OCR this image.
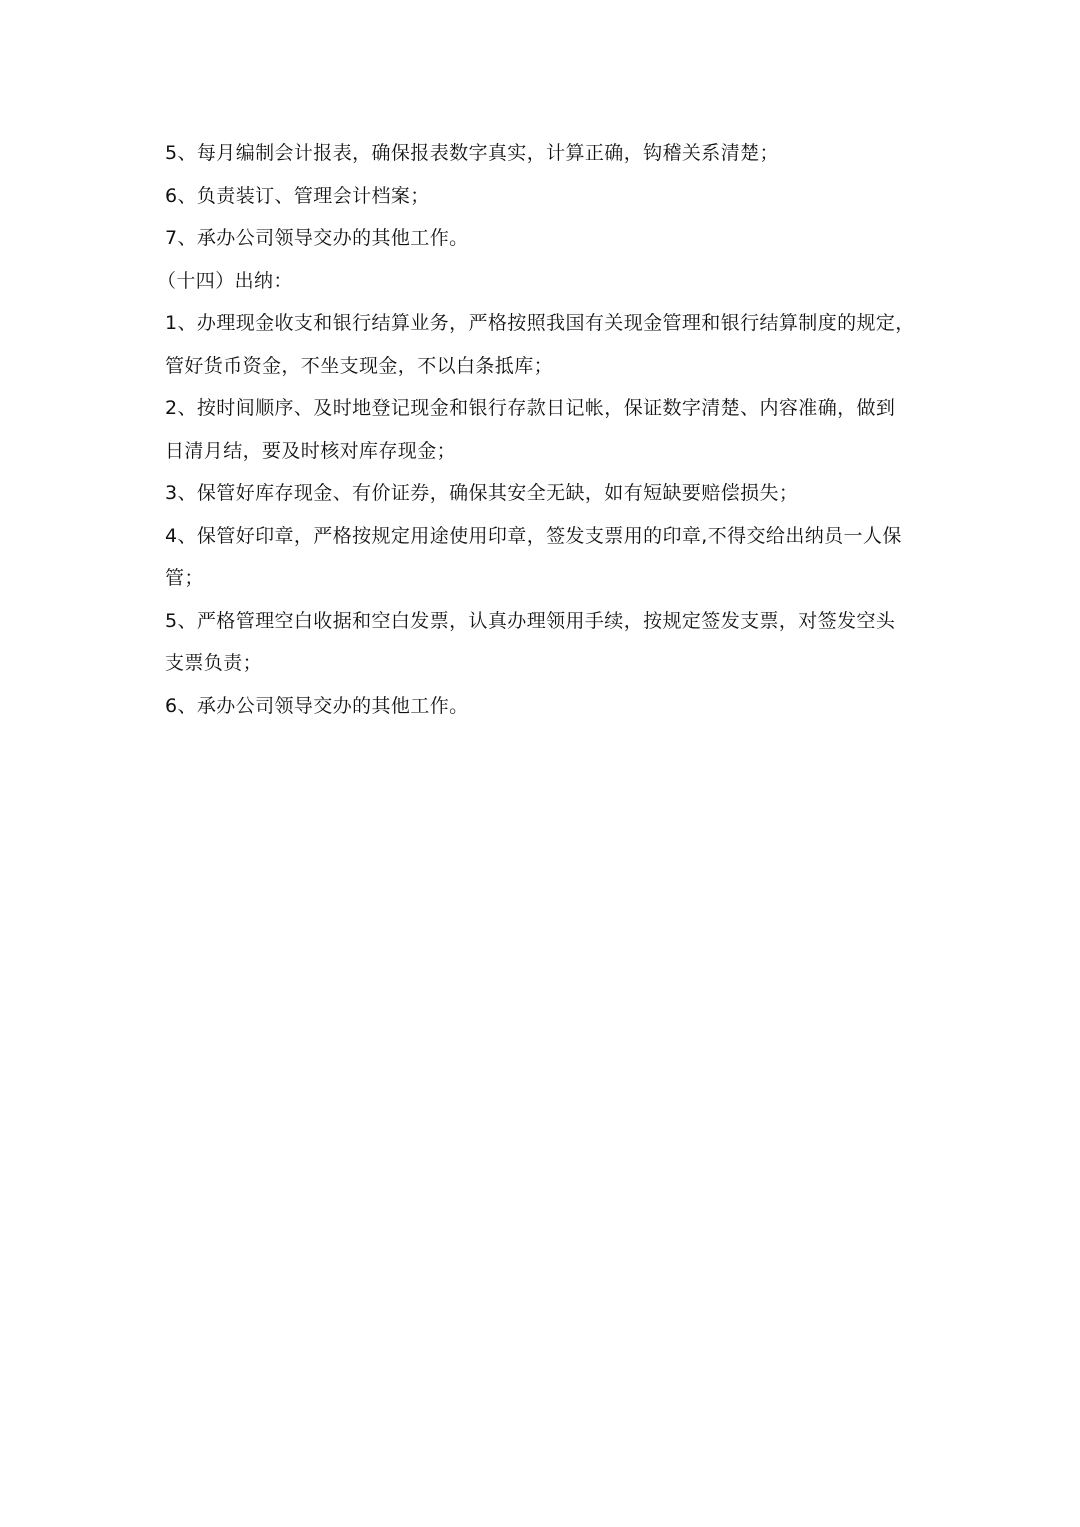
5、每月编制会计报表，确保报表数字真实，计算正确，钩稽关系清楚；
6、负责装订、管理会计档案；
7、承办公司领导交办的其他工作。
（十四）出纳：
1、办理现金收支和银行结算业务，严格按照我国有关现金管理和银行结算制度的规定，
管好货币资金，不坐支现金，不以白条抵库；
2、按时间顺序、及时地登记现金和银行存款日记帐，保证数字清楚、内容准确，做到
日清月结，要及时核对库存现金；
3、保管好库存现金、有价证券，确保其安全无缺，如有短缺要赔偿损失；
4、保管好印章，严格按规定用途使用印章，签发支票用的印章,不得交给出纳员一人保
管；
5、严格管理空白收据和空白发票，认真办理领用手续，按规定签发支票，对签发空头
支票负责；
6、承办公司领导交办的其他工作。
